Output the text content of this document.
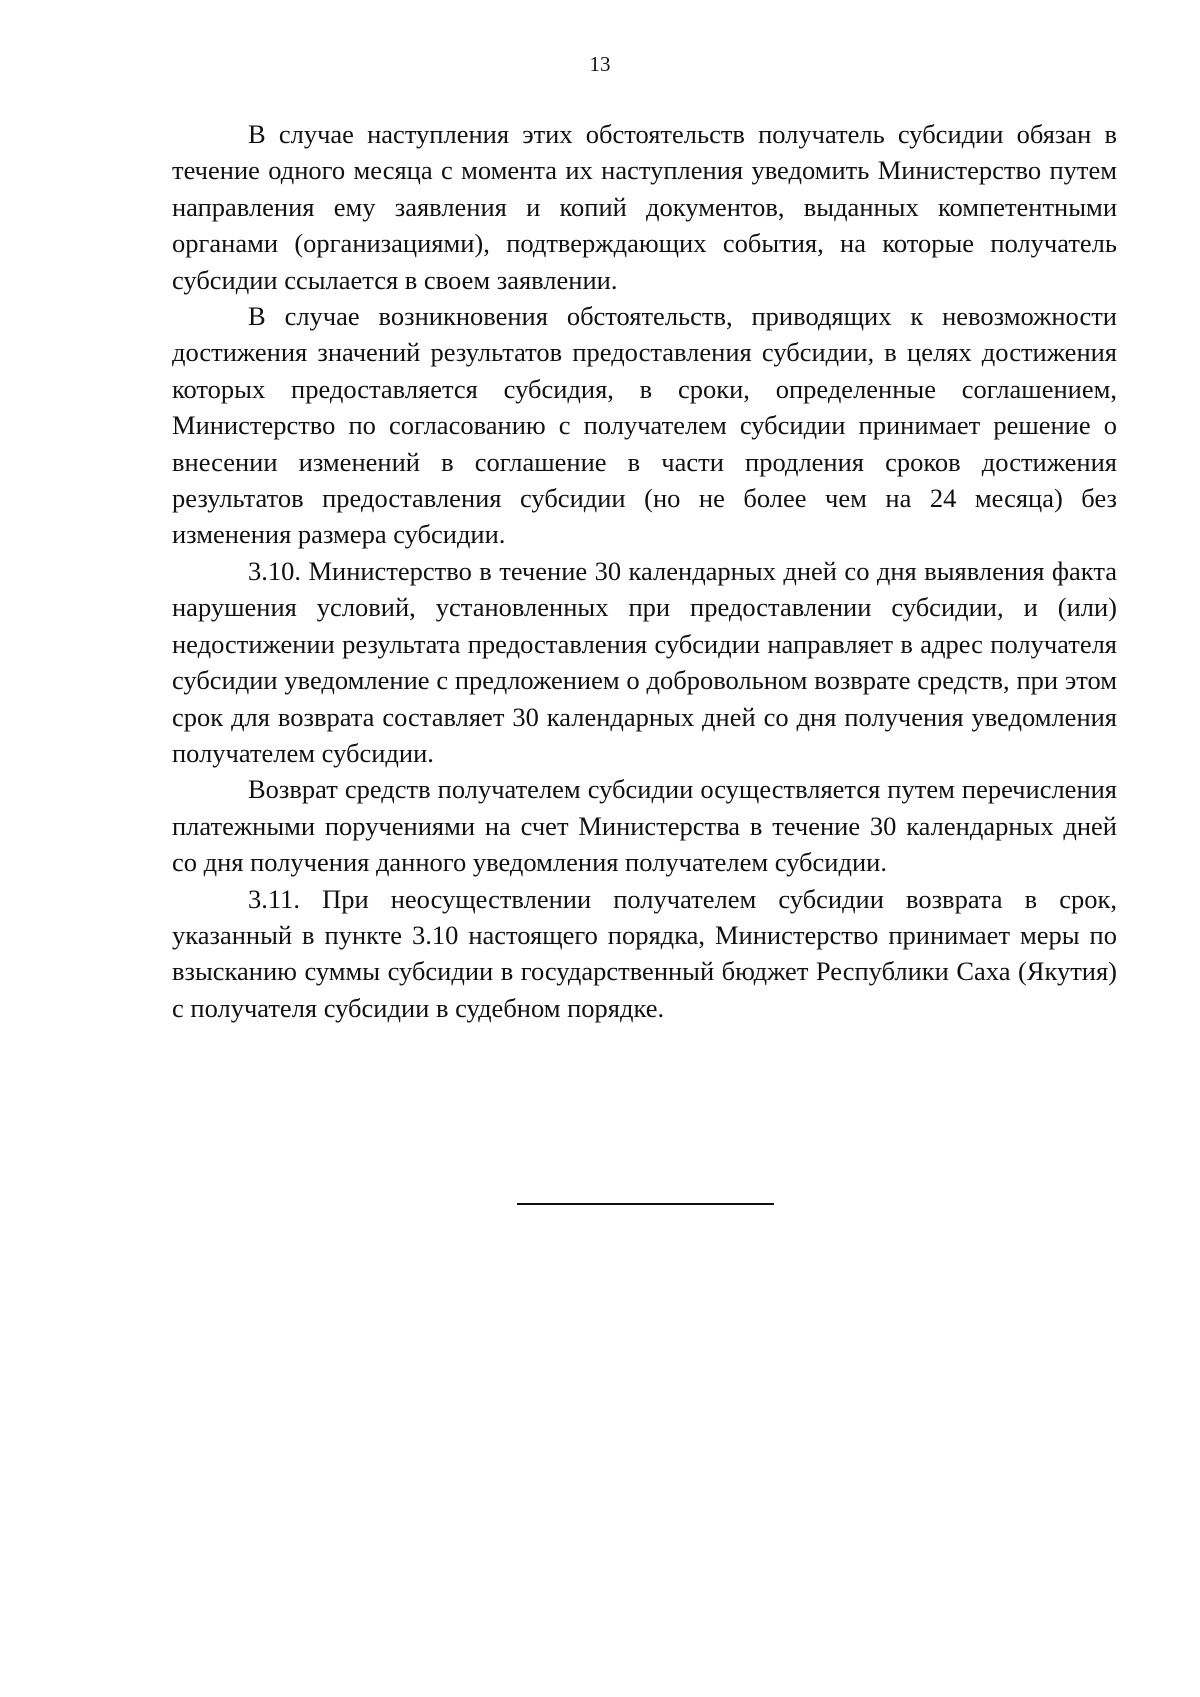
13

В случае наступления этих обстоятельств получатель субсидии обязан в течение одного месяца с момента их наступления уведомить Министерство путем направления ему заявления и копий документов, выданных компетентными органами (организациями), подтверждающих события, на которые получатель субсидии ссылается в своем заявлении.

В случае возникновения обстоятельств, приводящих к невозможности достижения значений результатов предоставления субсидии, в целях достижения которых предоставляется субсидия, в сроки, определенные соглашением, Министерство по согласованию с получателем субсидии принимает решение о внесении изменений в соглашение в части продления сроков достижения результатов предоставления субсидии (но не более чем на 24 месяца) без изменения размера субсидии.

3.10. Министерство в течение 30 календарных дней со дня выявления факта нарушения условий, установленных при предоставлении субсидии, и (или) недостижении результата предоставления субсидии направляет в адрес получателя субсидии уведомление с предложением о добровольном возврате средств, при этом срок для возврата составляет 30 календарных дней со дня получения уведомления получателем субсидии.

Возврат средств получателем субсидии осуществляется путем перечисления платежными поручениями на счет Министерства в течение 30 календарных дней со дня получения данного уведомления получателем субсидии.

3.11. При неосуществлении получателем субсидии возврата в срок, указанный в пункте 3.10 настоящего порядка, Министерство принимает меры по взысканию суммы субсидии в государственный бюджет Республики Саха (Якутия) с получателя субсидии в судебном порядке.
